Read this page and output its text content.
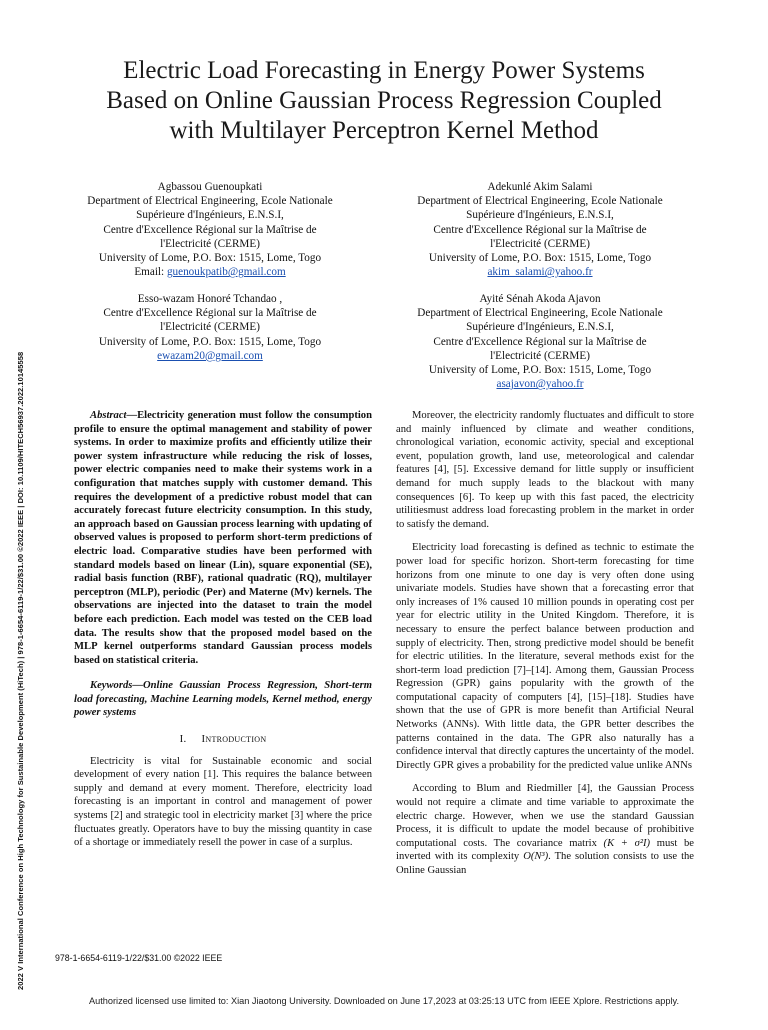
2022 V International Conference on High Technology for Sustainable Development (HiTech) | 978-1-6654-6119-1/22/$31.00 ©2022 IEEE | DOI: 10.1109/HITECH56937.2022.10145558
Electric Load Forecasting in Energy Power Systems
Based on Online Gaussian Process Regression Coupled
with Multilayer Perceptron Kernel Method
Agbassou Guenoupkati
Department of Electrical Engineering, Ecole Nationale
Supérieure d'Ingénieurs, E.N.S.I,
Centre d'Excellence Régional sur la Maîtrise de
l'Electricité (CERME)
University of Lome, P.O. Box: 1515, Lome, Togo
Email: guenoukpatib@gmail.com
Adekunlé Akim Salami
Department of Electrical Engineering, Ecole Nationale
Supérieure d'Ingénieurs, E.N.S.I,
Centre d'Excellence Régional sur la Maîtrise de
l'Electricité (CERME)
University of Lome, P.O. Box: 1515, Lome, Togo
akim_salami@yahoo.fr
Esso-wazam Honoré Tchandao ,
Centre d'Excellence Régional sur la Maîtrise de
l'Electricité (CERME)
University of Lome, P.O. Box: 1515, Lome, Togo
ewazam20@gmail.com
Ayité Sénah Akoda Ajavon
Department of Electrical Engineering, Ecole Nationale
Supérieure d'Ingénieurs, E.N.S.I,
Centre d'Excellence Régional sur la Maîtrise de
l'Electricité (CERME)
University of Lome, P.O. Box: 1515, Lome, Togo
asajavon@yahoo.fr

Abstract—Electricity generation must follow the consumption profile to ensure the optimal management and stability of power systems. In order to maximize profits and efficiently utilize their power system infrastructure while reducing the risk of losses, power electric companies need to make their systems work in a configuration that matches supply with customer demand. This requires the development of a predictive robust model that can accurately forecast future electricity consumption. In this study, an approach based on Gaussian process learning with updating of observed values is proposed to perform short-term predictions of electric load. Comparative studies have been performed with standard models based on linear (Lin), square exponential (SE), radial basis function (RBF), rational quadratic (RQ), multilayer perceptron (MLP), periodic (Per) and Materne (Mv) kernels. The observations are injected into the dataset to train the model before each prediction. Each model was tested on the CEB load data. The results show that the proposed model based on the MLP kernel outperforms standard Gaussian process models based on statistical criteria.

Keywords—Online Gaussian Process Regression, Short-term load forecasting, Machine Learning models, Kernel method, energy power systems

I. Introduction

Electricity is vital for Sustainable economic and social development of every nation [1]. This requires the balance between supply and demand at every moment. Therefore, electricity load forecasting is an important in control and management of power systems [2] and strategic tool in electricity market [3] where the price fluctuates greatly. Operators have to buy the missing quantity in case of a shortage or immediately resell the power in case of a surplus.

Moreover, the electricity randomly fluctuates and difficult to store and mainly influenced by climate and weather conditions, chronological variation, economic activity, special and exceptional event, population growth, land use, meteorological and calendar features [4], [5]. Excessive demand for little supply or insufficient demand for much supply leads to the blackout with many consequences [6]. To keep up with this fast paced, the electricity utilitiesmust address load forecasting problem in the market in order to satisfy the demand.

Electricity load forecasting is defined as technic to estimate the power load for specific horizon. Short-term forecasting for time horizons from one minute to one day is very often done using univariate models. Studies have shown that a forecasting error that only increases of 1% caused 10 million pounds in operating cost per year for electric utility in the United Kingdom. Therefore, it is necessary to ensure the perfect balance between production and supply of electricity. Then, strong predictive model should be benefit for electric utilities. In the literature, several methods exist for the short-term load prediction [7]–[14]. Among them, Gaussian Process Regression (GPR) gains popularity with the growth of the computational capacity of computers [4], [15]–[18]. Studies have shown that the use of GPR is more benefit than Artificial Neural Networks (ANNs). With little data, the GPR better describes the patterns contained in the data. The GPR also naturally has a confidence interval that directly captures the uncertainty of the model. Directly GPR gives a probability for the predicted value unlike ANNs

According to Blum and Riedmiller [4], the Gaussian Process would not require a climate and time variable to approximate the electric charge. However, when we use the standard Gaussian Process, it is difficult to update the model because of prohibitive computational costs. The covariance matrix (K + σ²I) must be inverted with its complexity O(N³). The solution consists to use the Online Gaussian

978-1-6654-6119-1/22/$31.00 ©2022 IEEE
Authorized licensed use limited to: Xian Jiaotong University. Downloaded on June 17,2023 at 03:25:13 UTC from IEEE Xplore. Restrictions apply.
